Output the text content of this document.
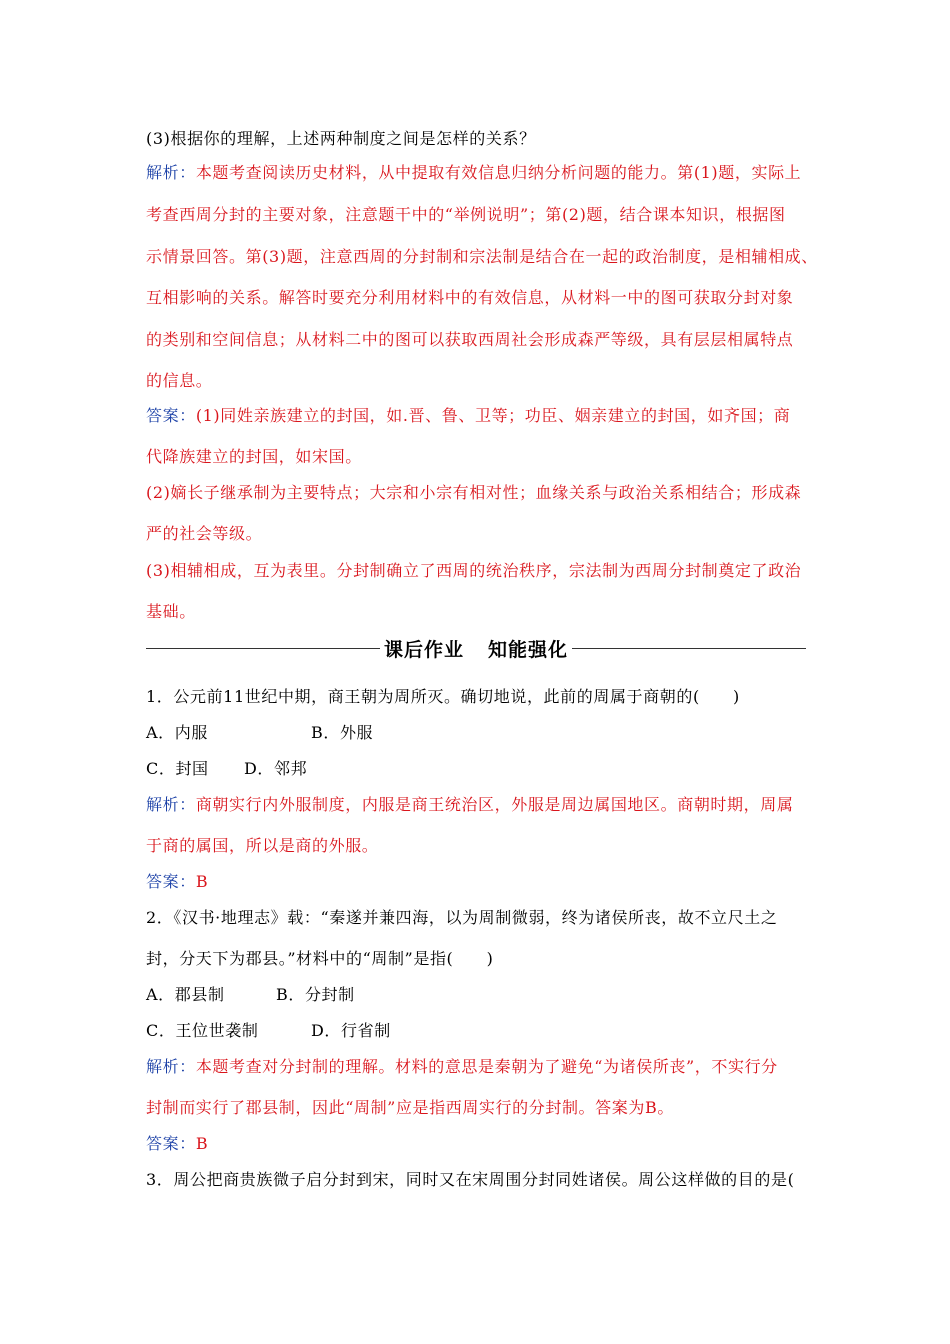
(3)根据你的理解，上述两种制度之间是怎样的关系？
解析：本题考查阅读历史材料，从中提取有效信息归纳分析问题的能力。第(1)题，实际上
考查西周分封的主要对象，注意题干中的“举例说明”；第(2)题，结合课本知识，根据图
示情景回答。第(3)题，注意西周的分封制和宗法制是结合在一起的政治制度，是相辅相成、
互相影响的关系。解答时要充分利用材料中的有效信息，从材料一中的图可获取分封对象
的类别和空间信息；从材料二中的图可以获取西周社会形成森严等级，具有层层相属特点
的信息。
答案：(1)同姓亲族建立的封国，如.晋、鲁、卫等；功臣、姻亲建立的封国，如齐国；商
代降族建立的封国，如宋国。
(2)嫡长子继承制为主要特点；大宗和小宗有相对性；血缘关系与政治关系相结合；形成森
严的社会等级。
(3)相辅相成，互为表里。分封制确立了西周的统治秩序，宗法制为西周分封制奠定了政治
基础。
课后作业 知能强化
1．公元前11世纪中期，商王朝为周所灭。确切地说，此前的周属于商朝的(　　)
A．内服	B．外服
C．封国 D．邻邦
解析：商朝实行内外服制度，内服是商王统治区，外服是周边属国地区。商朝时期，周属
于商的属国，所以是商的外服。
答案：B
2．《汉书·地理志》载：“秦遂并兼四海，以为周制微弱，终为诸侯所丧，故不立尺土之
封，分天下为郡县。”材料中的“周制”是指(　　)
A．郡县制	B．分封制
C．王位世袭制	D．行省制
解析：本题考查对分封制的理解。材料的意思是秦朝为了避免“为诸侯所丧”，不实行分
封制而实行了郡县制，因此“周制”应是指西周实行的分封制。答案为B。
答案：B
3．周公把商贵族微子启分封到宋，同时又在宋周围分封同姓诸侯。周公这样做的目的是(
